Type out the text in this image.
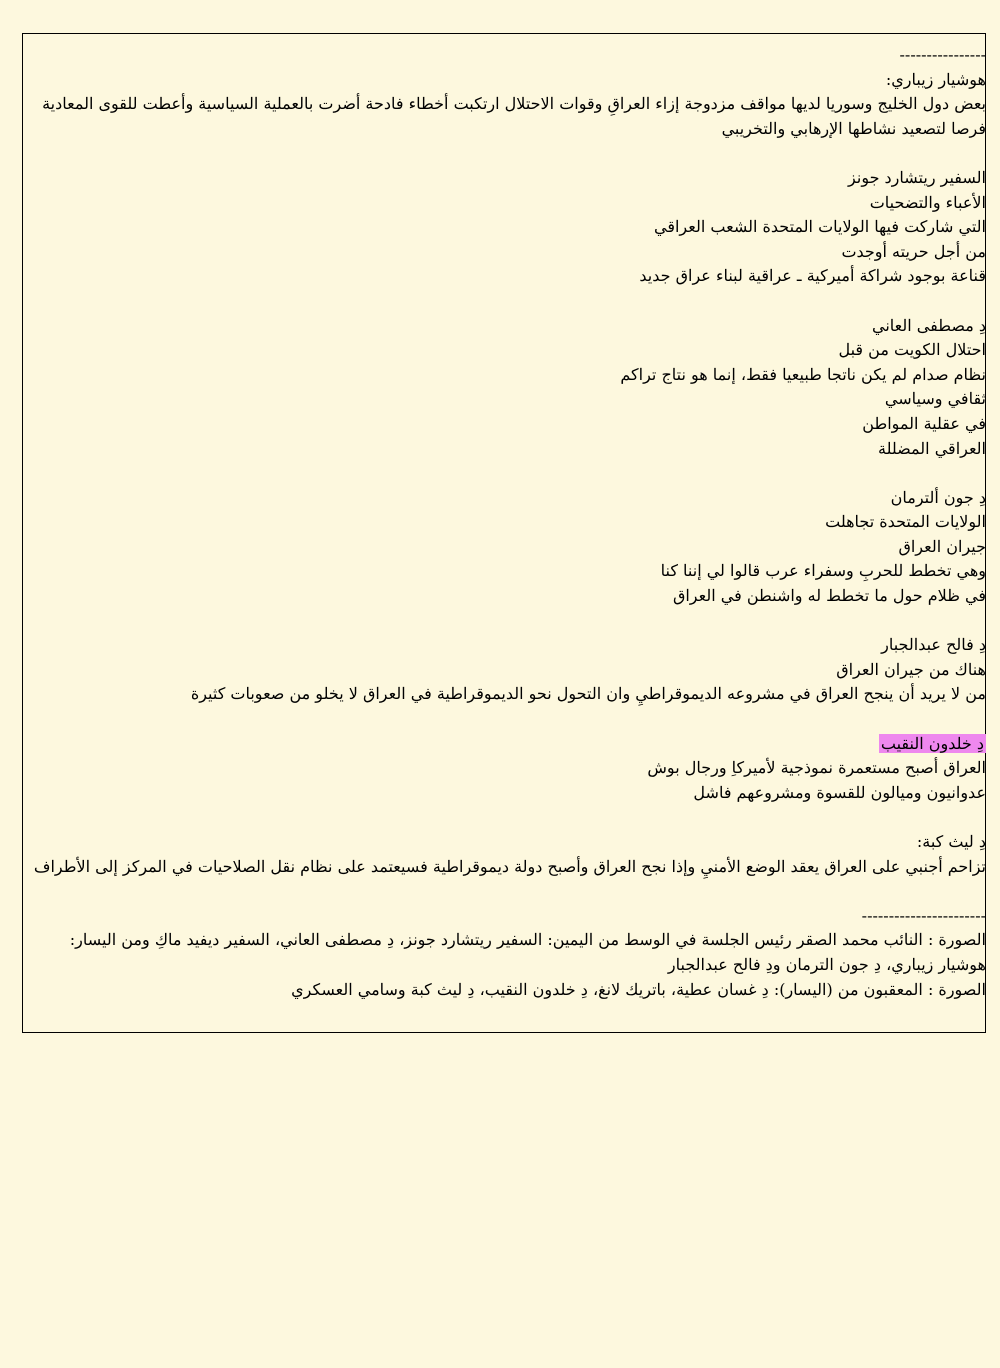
----------------
هوشيار زيباري:
بعض دول الخليج وسوريا لديها مواقف مزدوجة إزاء العراقِ وقوات الاحتلال ارتكبت أخطاء فادحة أضرت بالعملية السياسية وأعطت للقوى المعادية فرصا لتصعيد نشاطها الإرهابي والتخريبي
السفير ريتشارد جونز
الأعباء والتضحيات
التي شاركت فيها الولايات المتحدة الشعب العراقي
من أجل حريته أوجدت
قناعة بوجود شراكة أميركية ـ عراقية لبناء عراق جديد
دِ مصطفى العاني
احتلال الكويت من قبل
نظام صدام لم يكن ناتجا طبيعيا فقط، إنما هو نتاج تراكم
ثقافي وسياسي
في عقلية المواطن
العراقي المضللة
دِ جون ألترمان
الولايات المتحدة تجاهلت
جيران العراق
وهي تخطط للحربِ وسفراء عرب قالوا لي إننا كنا
في ظلام حول ما تخطط له واشنطن في العراق
دِ فالح عبدالجبار
هناك من جيران العراق
من لا يريد أن ينجح العراق في مشروعه الديموقراطيِ وان التحول نحو الديموقراطية في العراق لا يخلو من صعوبات كثيرة
دِ خلدون النقيب
العراق أصبح مستعمرة نموذجية لأميركاِ ورجال بوش
عدوانيون وميالون للقسوة ومشروعهم فاشل
دِ ليث كبة:
تزاحم أجنبي على العراق يعقد الوضع الأمنيِ وإذا نجح العراق وأصبح دولة ديموقراطية فسيعتمد على نظام نقل الصلاحيات في المركز إلى الأطراف
-----------------------
الصورة : النائب محمد الصقر رئيس الجلسة في الوسط من اليمين: السفير ريتشارد جونز، دِ مصطفى العاني، السفير ديفيد ماكِ ومن اليسار: هوشيار زيباري، دِ جون الترمان ودِ فالح عبدالجبار
الصورة : المعقبون من (اليسار): دِ غسان عطية، باتريك لانغ، دِ خلدون النقيب، دِ ليث كبة وسامي العسكري
